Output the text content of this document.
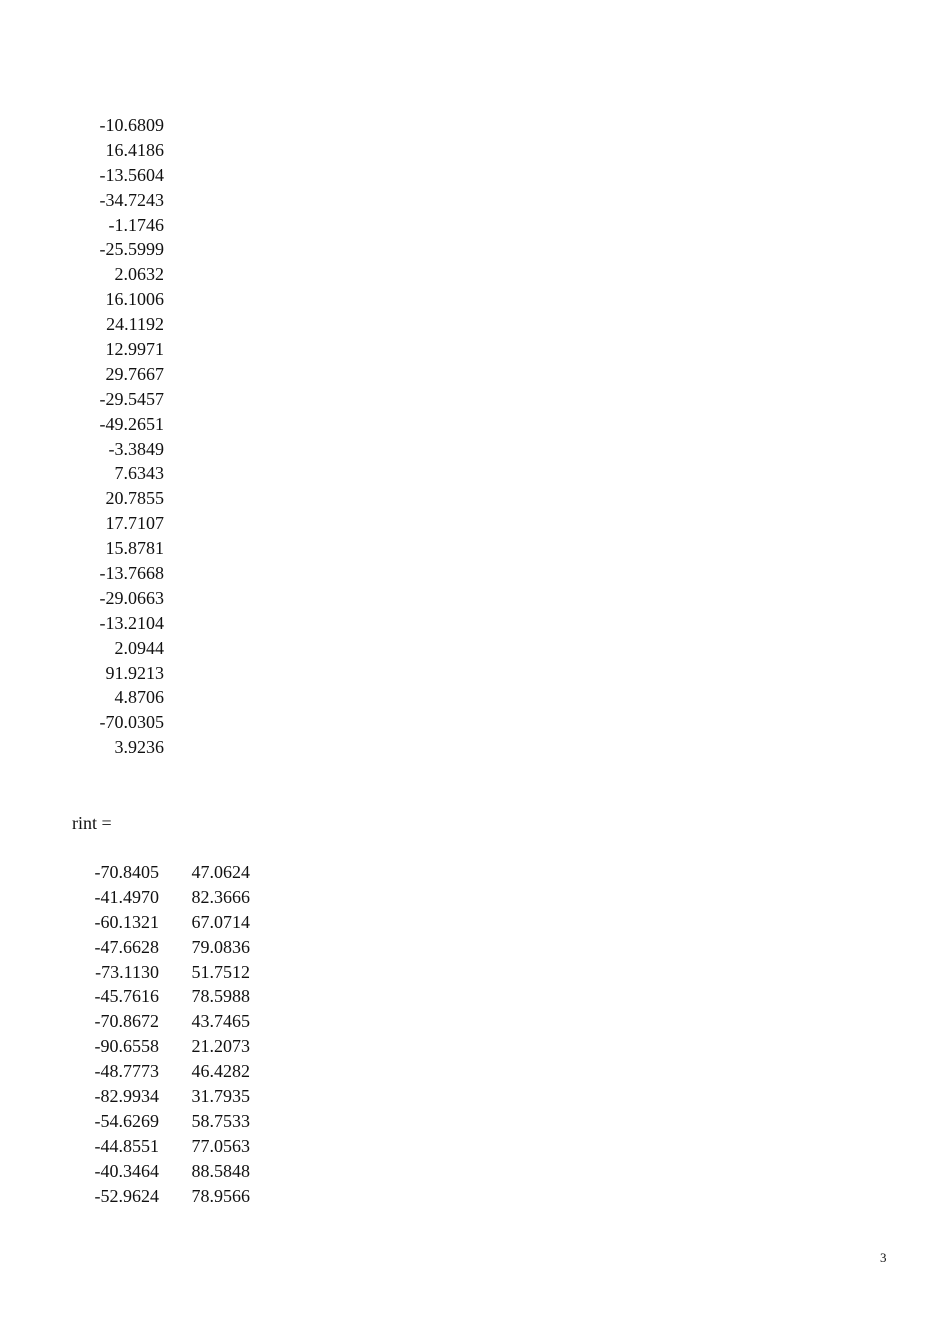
-10.6809
16.4186
-13.5604
-34.7243
-1.1746
-25.5999
2.0632
16.1006
24.1192
12.9971
29.7667
-29.5457
-49.2651
-3.3849
7.6343
20.7855
17.7107
15.8781
-13.7668
-29.0663
-13.2104
2.0944
91.9213
4.8706
-70.0305
3.9236
rint =
-70.8405 47.0624
-41.4970 82.3666
-60.1321 67.0714
-47.6628 79.0836
-73.1130 51.7512
-45.7616 78.5988
-70.8672 43.7465
-90.6558 21.2073
-48.7773 46.4282
-82.9934 31.7935
-54.6269 58.7533
-44.8551 77.0563
-40.3464 88.5848
-52.9624 78.9566
3
